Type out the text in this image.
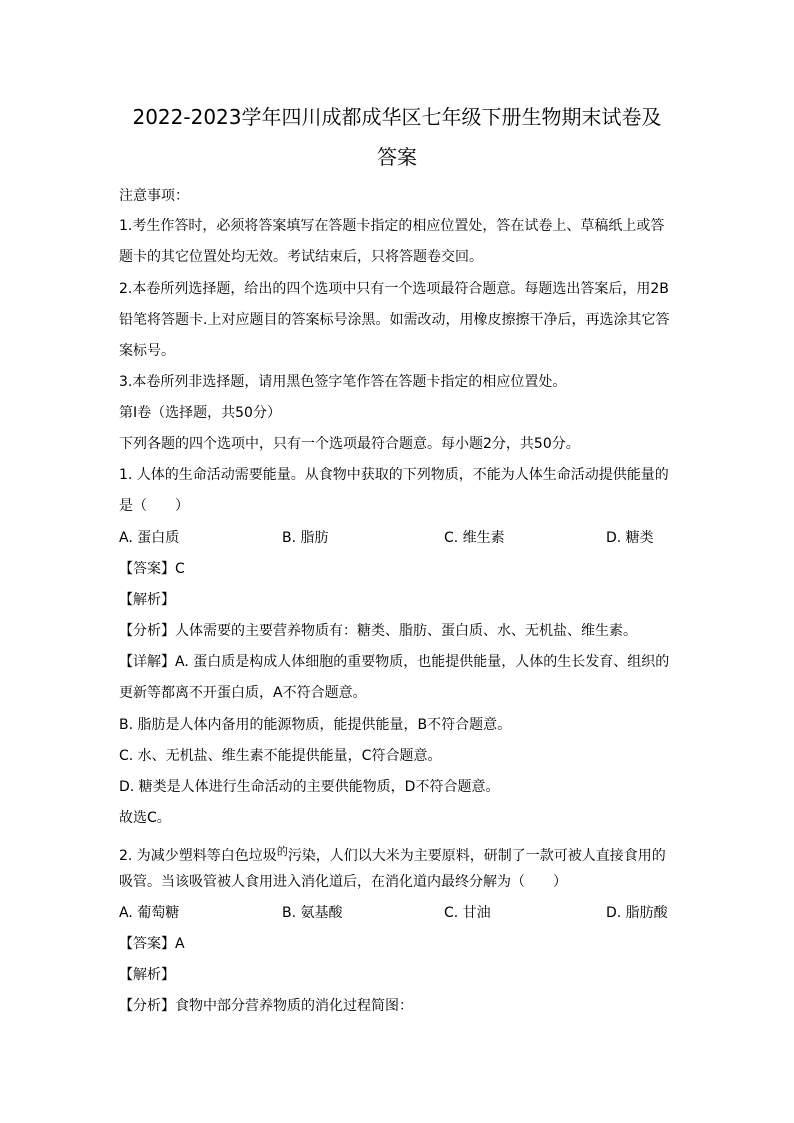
2022-2023学年四川成都成华区七年级下册生物期末试卷及
答案
注意事项：
1.考生作答时，必须将答案填写在答题卡指定的相应位置处，答在试卷上、草稿纸上或答
题卡的其它位置处均无效。考试结束后，只将答题卷交回。
2.本卷所列选择题，给出的四个选项中只有一个选项最符合题意。每题选出答案后，用2B
铅笔将答题卡.上对应题目的答案标号涂黑。如需改动，用橡皮擦擦干净后，再选涂其它答
案标号。
3.本卷所列非选择题，请用黑色签字笔作答在答题卡指定的相应位置处。
第Ⅰ卷（选择题，共50分）
下列各题的四个选项中，只有一个选项最符合题意。每小题2分，共50分。
1. 人体的生命活动需要能量。从食物中获取的下列物质，不能为人体生命活动提供能量的
是（　　）
A. 蛋白质	B. 脂肪	C. 维生素	D. 糖类
【答案】C
【解析】
【分析】人体需要的主要营养物质有：糖类、脂肪、蛋白质、水、无机盐、维生素。
【详解】A. 蛋白质是构成人体细胞的重要物质，也能提供能量，人体的生长发育、组织的
更新等都离不开蛋白质，A不符合题意。
B. 脂肪是人体内备用的能源物质，能提供能量，B不符合题意。
C. 水、无机盐、维生素不能提供能量，C符合题意。
D. 糖类是人体进行生命活动的主要供能物质，D不符合题意。
故选C。
2. 为减少塑料等白色垃圾$^的$污染，人们以大米为主要原料，研制了一款可被人直接食用的
吸管。当该吸管被人食用进入消化道后，在消化道内最终分解为（　　）
A. 葡萄糖	B. 氨基酸	C. 甘油	D. 脂肪酸
【答案】A
【解析】
【分析】食物中部分营养物质的消化过程简图：
